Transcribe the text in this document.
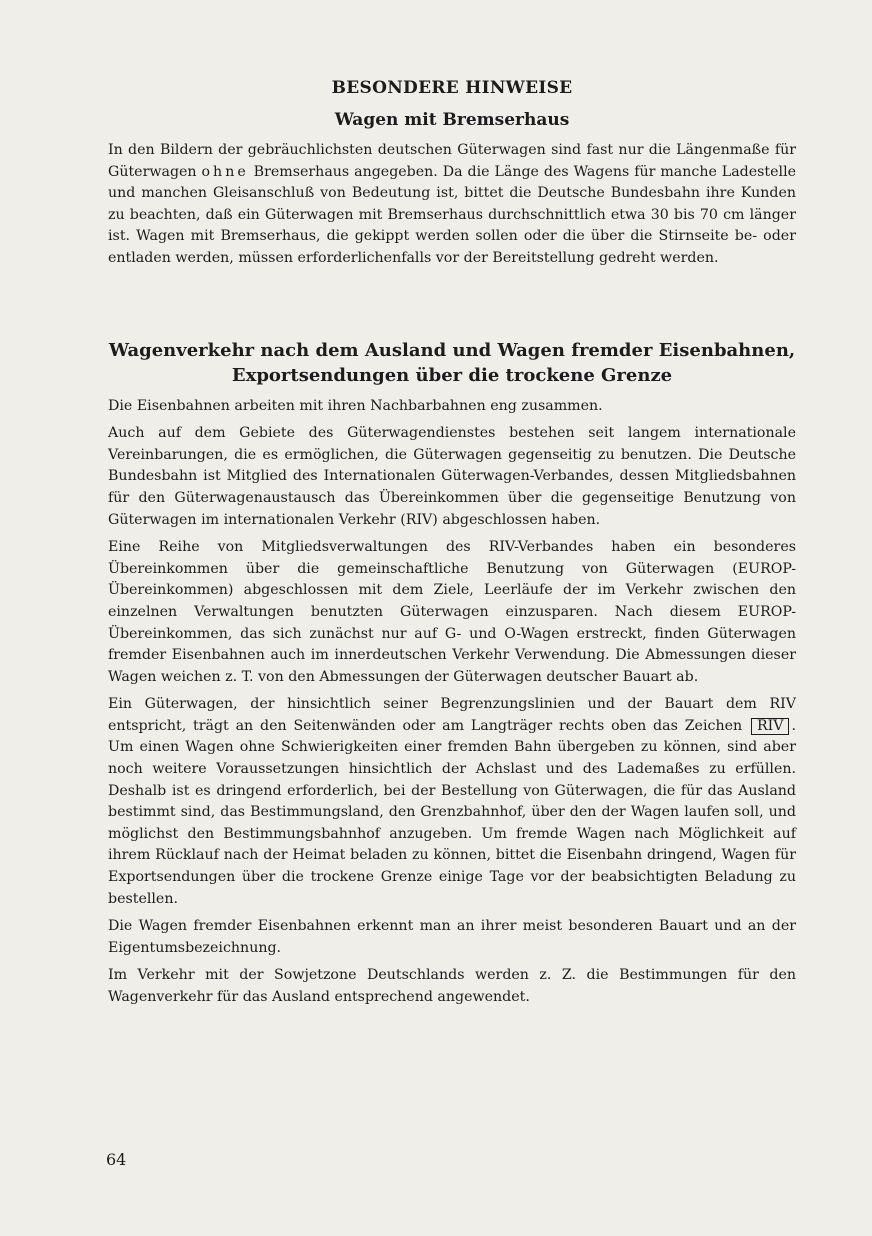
BESONDERE HINWEISE
Wagen mit Bremserhaus

In den Bildern der gebräuchlichsten deutschen Güterwagen sind fast nur die Längenmaße für Güterwagen ohne Bremserhaus angegeben. Da die Länge des Wagens für manche Ladestelle und manchen Gleisanschluß von Bedeutung ist, bittet die Deutsche Bundesbahn ihre Kunden zu beachten, daß ein Güterwagen mit Bremserhaus durchschnittlich etwa 30 bis 70 cm länger ist. Wagen mit Bremserhaus, die gekippt werden sollen oder die über die Stirnseite be- oder entladen werden, müssen erforderlichenfalls vor der Bereitstellung gedreht werden.

Wagenverkehr nach dem Ausland und Wagen fremder Eisenbahnen,
Exportsendungen über die trockene Grenze

Die Eisenbahnen arbeiten mit ihren Nachbarbahnen eng zusammen.

Auch auf dem Gebiete des Güterwagendienstes bestehen seit langem internationale Vereinbarungen, die es ermöglichen, die Güterwagen gegenseitig zu benutzen. Die Deutsche Bundesbahn ist Mitglied des Internationalen Güterwagen-Verbandes, dessen Mitgliedsbahnen für den Güterwagenaustausch das Übereinkommen über die gegenseitige Benutzung von Güterwagen im internationalen Verkehr (RIV) abgeschlossen haben.

Eine Reihe von Mitgliedsverwaltungen des RIV-Verbandes haben ein besonderes Übereinkommen über die gemeinschaftliche Benutzung von Güterwagen (EUROP-Übereinkommen) abgeschlossen mit dem Ziele, Leerläufe der im Verkehr zwischen den einzelnen Verwaltungen benutzten Güterwagen einzusparen. Nach diesem EUROP-Übereinkommen, das sich zunächst nur auf G- und O-Wagen erstreckt, finden Güterwagen fremder Eisenbahnen auch im innerdeutschen Verkehr Verwendung. Die Abmessungen dieser Wagen weichen z. T. von den Abmessungen der Güterwagen deutscher Bauart ab.

Ein Güterwagen, der hinsichtlich seiner Begrenzungslinien und der Bauart dem RIV entspricht, trägt an den Seitenwänden oder am Langträger rechts oben das Zeichen RIV . Um einen Wagen ohne Schwierigkeiten einer fremden Bahn übergeben zu können, sind aber noch weitere Voraussetzungen hinsichtlich der Achslast und des Lademaßes zu erfüllen. Deshalb ist es dringend erforderlich, bei der Bestellung von Güterwagen, die für das Ausland bestimmt sind, das Bestimmungsland, den Grenzbahnhof, über den der Wagen laufen soll, und möglichst den Bestimmungsbahnhof anzugeben. Um fremde Wagen nach Möglichkeit auf ihrem Rücklauf nach der Heimat beladen zu können, bittet die Eisenbahn dringend, Wagen für Exportsendungen über die trockene Grenze einige Tage vor der beabsichtigten Beladung zu bestellen.

Die Wagen fremder Eisenbahnen erkennt man an ihrer meist besonderen Bauart und an der Eigentumsbezeichnung.

Im Verkehr mit der Sowjetzone Deutschlands werden z. Z. die Bestimmungen für den Wagenverkehr für das Ausland entsprechend angewendet.

64
